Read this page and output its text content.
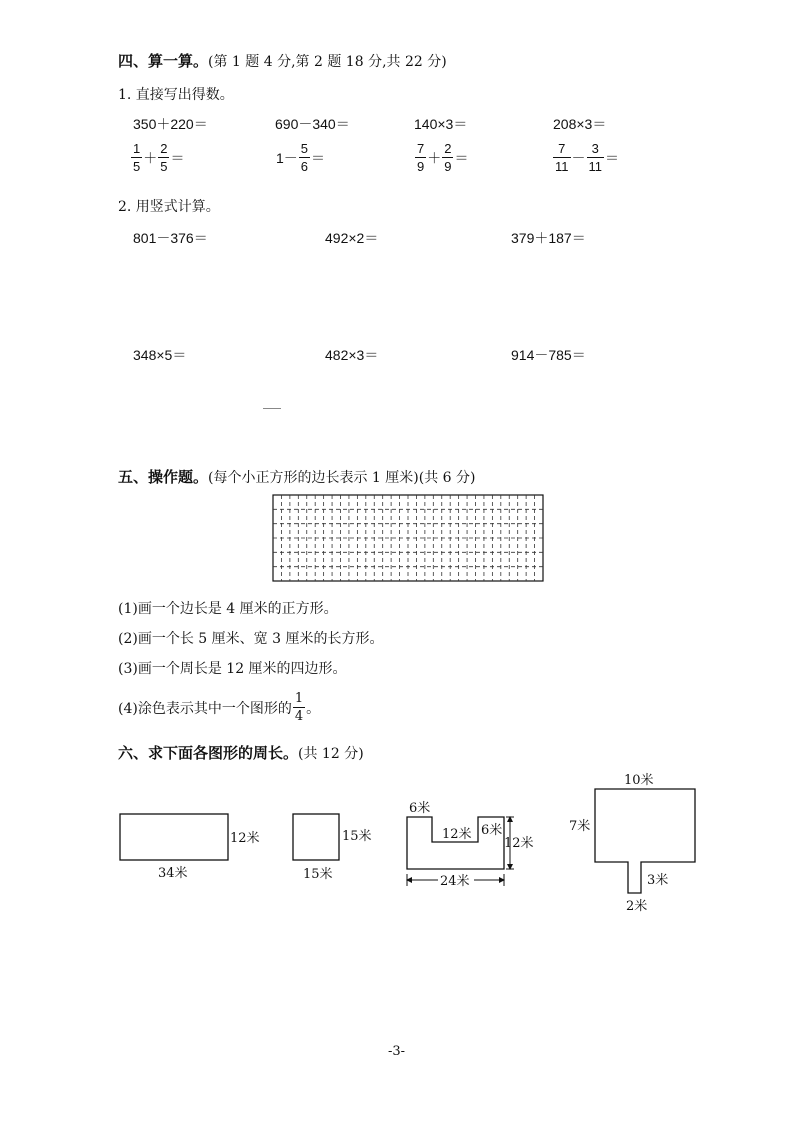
四、算一算。(第 1 题 4 分,第 2 题 18 分,共 22 分)
1. 直接写出得数。
350＋220＝	690－340＝	140×3＝	208×3＝
$\frac{1}{5} + \frac{2}{5}$ ＝	$1- \frac{5}{6}$ ＝	$\frac{7}{9} + \frac{2}{9}$ ＝	$\frac{7}{11} - \frac{3}{11}$ ＝
2. 用竖式计算。
801－376＝	492×2＝	379＋187＝
348×5＝	482×3＝	914－785＝
五、操作题。(每个小正方形的边长表示 1 厘米)(共 6 分)
(1)画一个边长是 4 厘米的正方形。
(2)画一个长 5 厘米、宽 3 厘米的长方形。
(3)画一个周长是 12 厘米的四边形。
(4)涂色表示其中一个图形的 $\frac{1}{4}$ 。
六、求下面各图形的周长。(共 12 分)
12米
34米
15米
15米
6米
12米 6米
12米
24米
10米
7米
3米
2米
-3-
